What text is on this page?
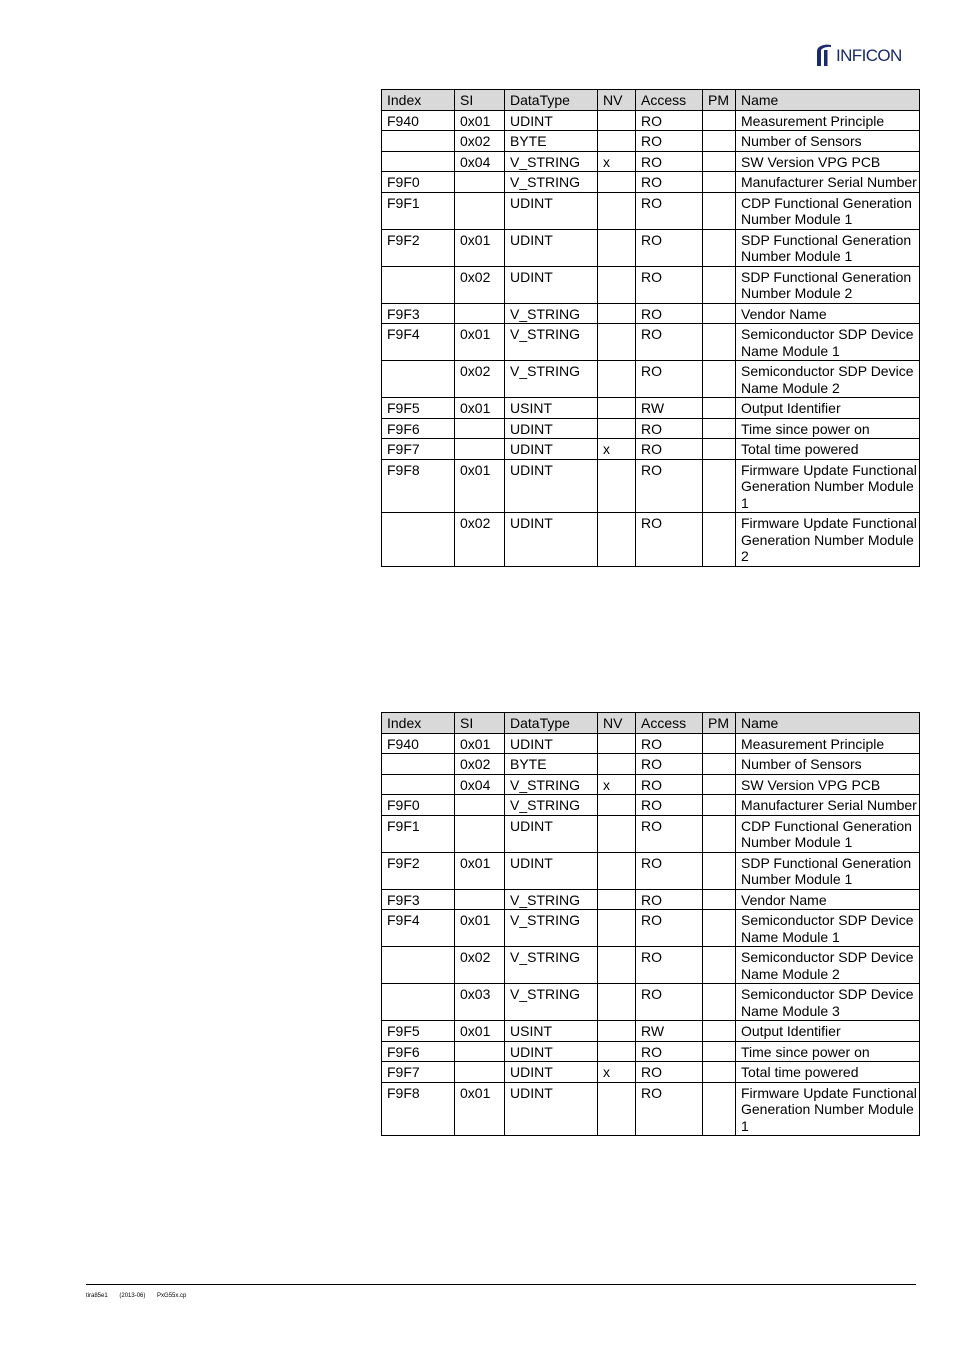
INFICON
Index	SI	DataType	NV	Access	PM	Name
F940	0x01	UDINT		RO		Measurement Principle
	0x02	BYTE		RO		Number of Sensors
	0x04	V_STRING	x	RO		SW Version VPG PCB
F9F0		V_STRING		RO		Manufacturer Serial Number
F9F1		UDINT		RO		CDP Functional Generation Number Module 1
F9F2	0x01	UDINT		RO		SDP Functional Generation Number Module 1
	0x02	UDINT		RO		SDP Functional Generation Number Module 2
F9F3		V_STRING		RO		Vendor Name
F9F4	0x01	V_STRING		RO		Semiconductor SDP Device Name Module 1
	0x02	V_STRING		RO		Semiconductor SDP Device Name Module 2
F9F5	0x01	USINT		RW		Output Identifier
F9F6		UDINT		RO		Time since power on
F9F7		UDINT	x	RO		Total time powered
F9F8	0x01	UDINT		RO		Firmware Update Functional Generation Number Module 1
	0x02	UDINT		RO		Firmware Update Functional Generation Number Module 2
Index	SI	DataType	NV	Access	PM	Name
F940	0x01	UDINT		RO		Measurement Principle
	0x02	BYTE		RO		Number of Sensors
	0x04	V_STRING	x	RO		SW Version VPG PCB
F9F0		V_STRING		RO		Manufacturer Serial Number
F9F1		UDINT		RO		CDP Functional Generation Number Module 1
F9F2	0x01	UDINT		RO		SDP Functional Generation Number Module 1
F9F3		V_STRING		RO		Vendor Name
F9F4	0x01	V_STRING		RO		Semiconductor SDP Device Name Module 1
	0x02	V_STRING		RO		Semiconductor SDP Device Name Module 2
	0x03	V_STRING		RO		Semiconductor SDP Device Name Module 3
F9F5	0x01	USINT		RW		Output Identifier
F9F6		UDINT		RO		Time since power on
F9F7		UDINT	x	RO		Total time powered
F9F8	0x01	UDINT		RO		Firmware Update Functional Generation Number Module 1
tira85e1 (2013-06) PxG55x.cp
